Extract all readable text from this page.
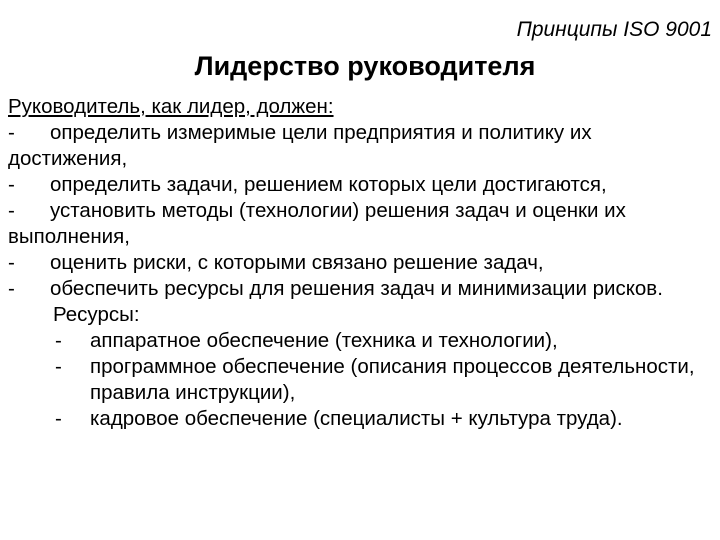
Принципы ISO 9001
Лидерство руководителя
Руководитель, как лидер, должен:
- определить измеримые цели предприятия и политику их достижения,
- определить задачи, решением которых цели достигаются,
- установить методы (технологии) решения задач и оценки их выполнения,
- оценить риски, с которыми связано решение задач,
- обеспечить ресурсы для решения задач и минимизации рисков.
Ресурсы:
- аппаратное обеспечение (техника и технологии),
- программное обеспечение (описания процессов деятельности, правила инструкции),
- кадровое обеспечение (специалисты + культура труда).
